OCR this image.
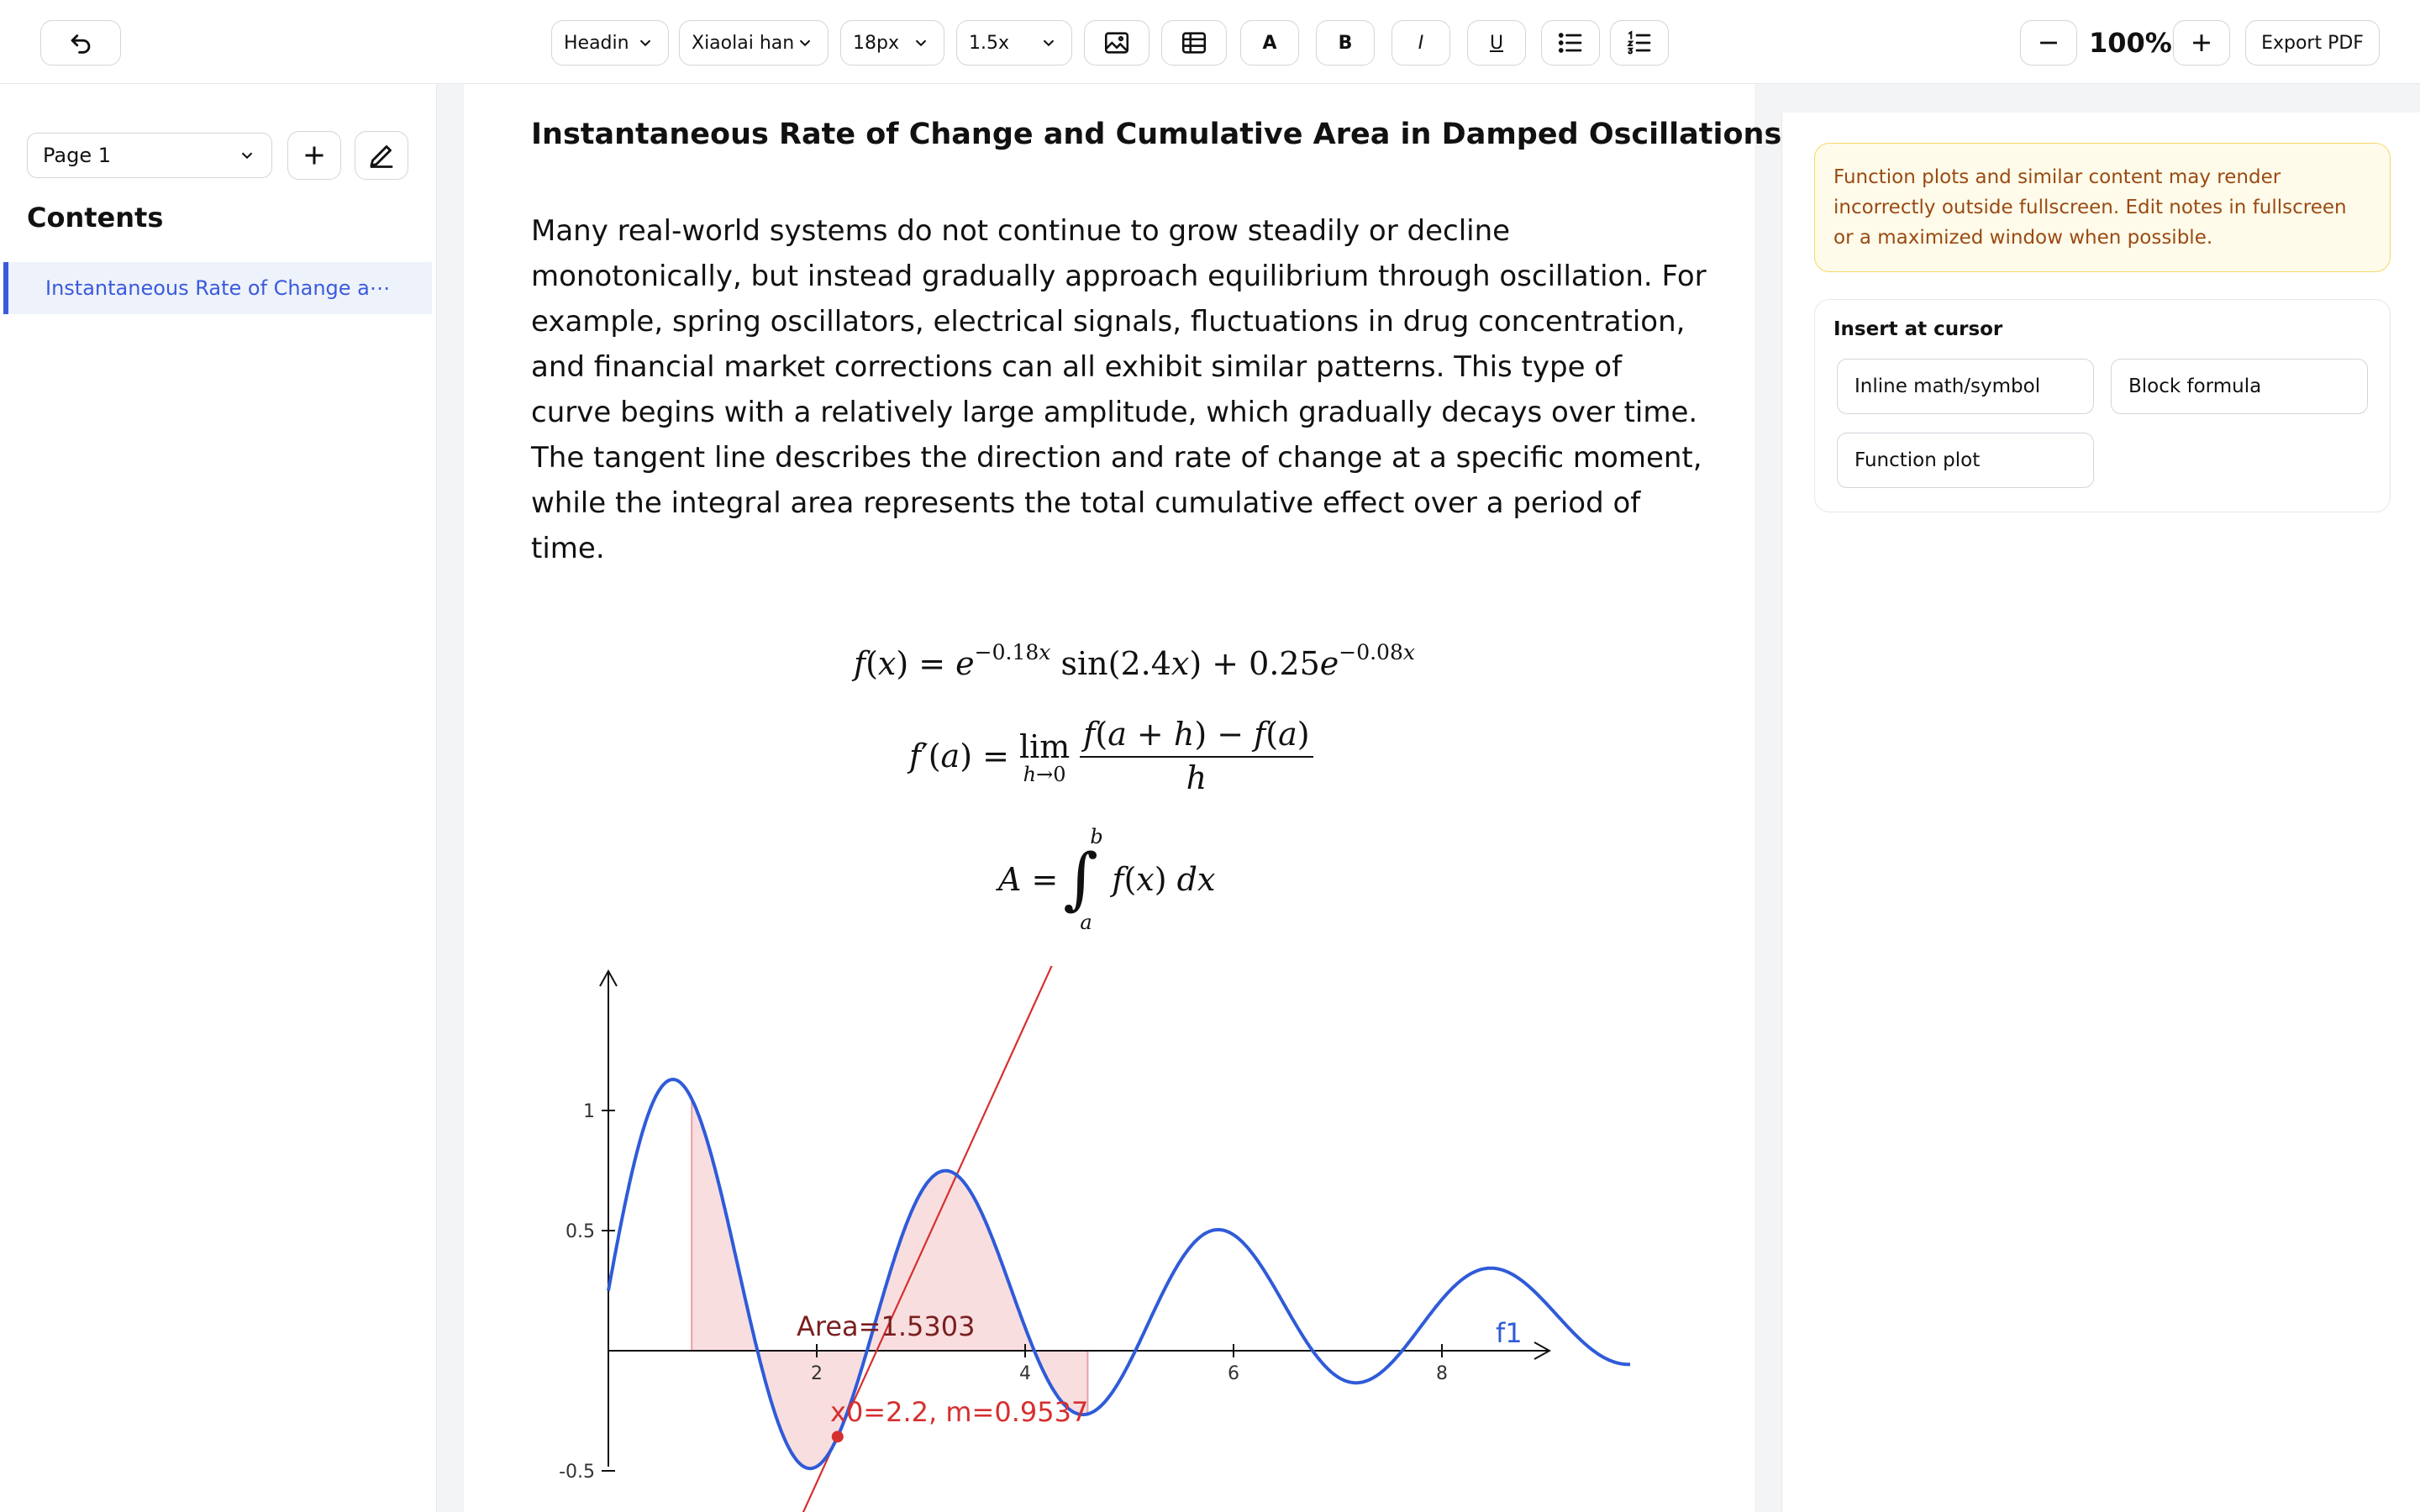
Headin	Xiaolai han	18px	1.5x	A	B	I	U	100%	Export PDF
Page 1
Contents
Instantaneous Rate of Change a⋯
Instantaneous Rate of Change and Cumulative Area in Damped Oscillations

Many real-world systems do not continue to grow steadily or decline monotonically, but instead gradually approach equilibrium through oscillation. For example, spring oscillators, electrical signals, fluctuations in drug concentration, and financial market corrections can all exhibit similar patterns. This type of curve begins with a relatively large amplitude, which gradually decays over time.

The tangent line describes the direction and rate of change at a specific moment, while the integral area represents the total cumulative effect over a period of time.

$f(x) = e^{-0.18x}$ $\sin(2.4x) + 0.25e^{-0.08x}$
f′(a) = lim
h→0
f(a + h) − f(a)
h
A = ∫
b
a
f(x) dx
2	4	6	8
1
0.5
-0.5
Area=1.5303
x0=2.2, m=0.9537
f1
Function plots and similar content may render incorrectly outside fullscreen. Edit notes in fullscreen or a maximized window when possible.
Insert at cursor
Inline math/symbol	Block formula
Function plot
